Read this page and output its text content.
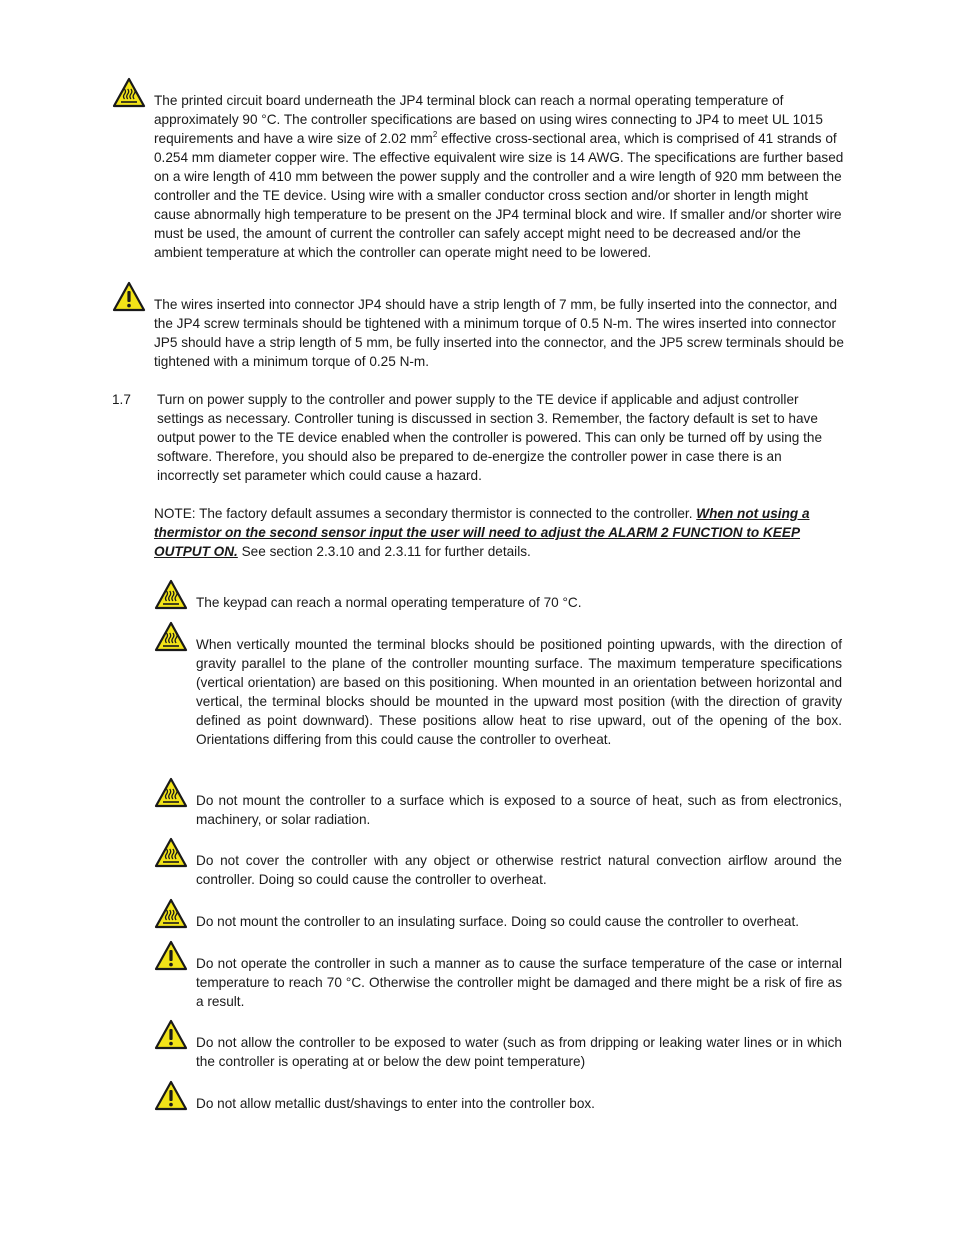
The printed circuit board underneath the JP4 terminal block can reach a normal operating temperature of approximately 90 °C. The controller specifications are based on using wires connecting to JP4 to meet UL 1015 requirements and have a wire size of 2.02 $mm^2$ effective cross-sectional area, which is comprised of 41 strands of 0.254 mm diameter copper wire. The effective equivalent wire size is 14 AWG. The specifications are further based on a wire length of 410 mm between the power supply and the controller and a wire length of 920 mm between the controller and the TE device. Using wire with a smaller conductor cross section and/or shorter in length might cause abnormally high temperature to be present on the JP4 terminal block and wire. If smaller and/or shorter wire must be used, the amount of current the controller can safely accept might need to be decreased and/or the ambient temperature at which the controller can operate might need to be lowered.
The wires inserted into connector JP4 should have a strip length of 7 mm, be fully inserted into the connector, and the JP4 screw terminals should be tightened with a minimum torque of 0.5 N-m. The wires inserted into connector JP5 should have a strip length of 5 mm, be fully inserted into the connector, and the JP5 screw terminals should be tightened with a minimum torque of 0.25 N-m.
1.7 Turn on power supply to the controller and power supply to the TE device if applicable and adjust controller settings as necessary. Controller tuning is discussed in section 3. Remember, the factory default is set to have output power to the TE device enabled when the controller is powered. This can only be turned off by using the software. Therefore, you should also be prepared to de-energize the controller power in case there is an incorrectly set parameter which could cause a hazard.
NOTE: The factory default assumes a secondary thermistor is connected to the controller. When not using a thermistor on the second sensor input the user will need to adjust the ALARM 2 FUNCTION to KEEP OUTPUT ON. See section 2.3.10 and 2.3.11 for further details.
The keypad can reach a normal operating temperature of 70 °C.
When vertically mounted the terminal blocks should be positioned pointing upwards, with the direction of gravity parallel to the plane of the controller mounting surface. The maximum temperature specifications (vertical orientation) are based on this positioning. When mounted in an orientation between horizontal and vertical, the terminal blocks should be mounted in the upward most position (with the direction of gravity defined as point downward). These positions allow heat to rise upward, out of the opening of the box. Orientations differing from this could cause the controller to overheat.
Do not mount the controller to a surface which is exposed to a source of heat, such as from electronics, machinery, or solar radiation.
Do not cover the controller with any object or otherwise restrict natural convection airflow around the controller. Doing so could cause the controller to overheat.
Do not mount the controller to an insulating surface. Doing so could cause the controller to overheat.
Do not operate the controller in such a manner as to cause the surface temperature of the case or internal temperature to reach 70 °C. Otherwise the controller might be damaged and there might be a risk of fire as a result.
Do not allow the controller to be exposed to water (such as from dripping or leaking water lines or in which the controller is operating at or below the dew point temperature)
Do not allow metallic dust/shavings to enter into the controller box.
